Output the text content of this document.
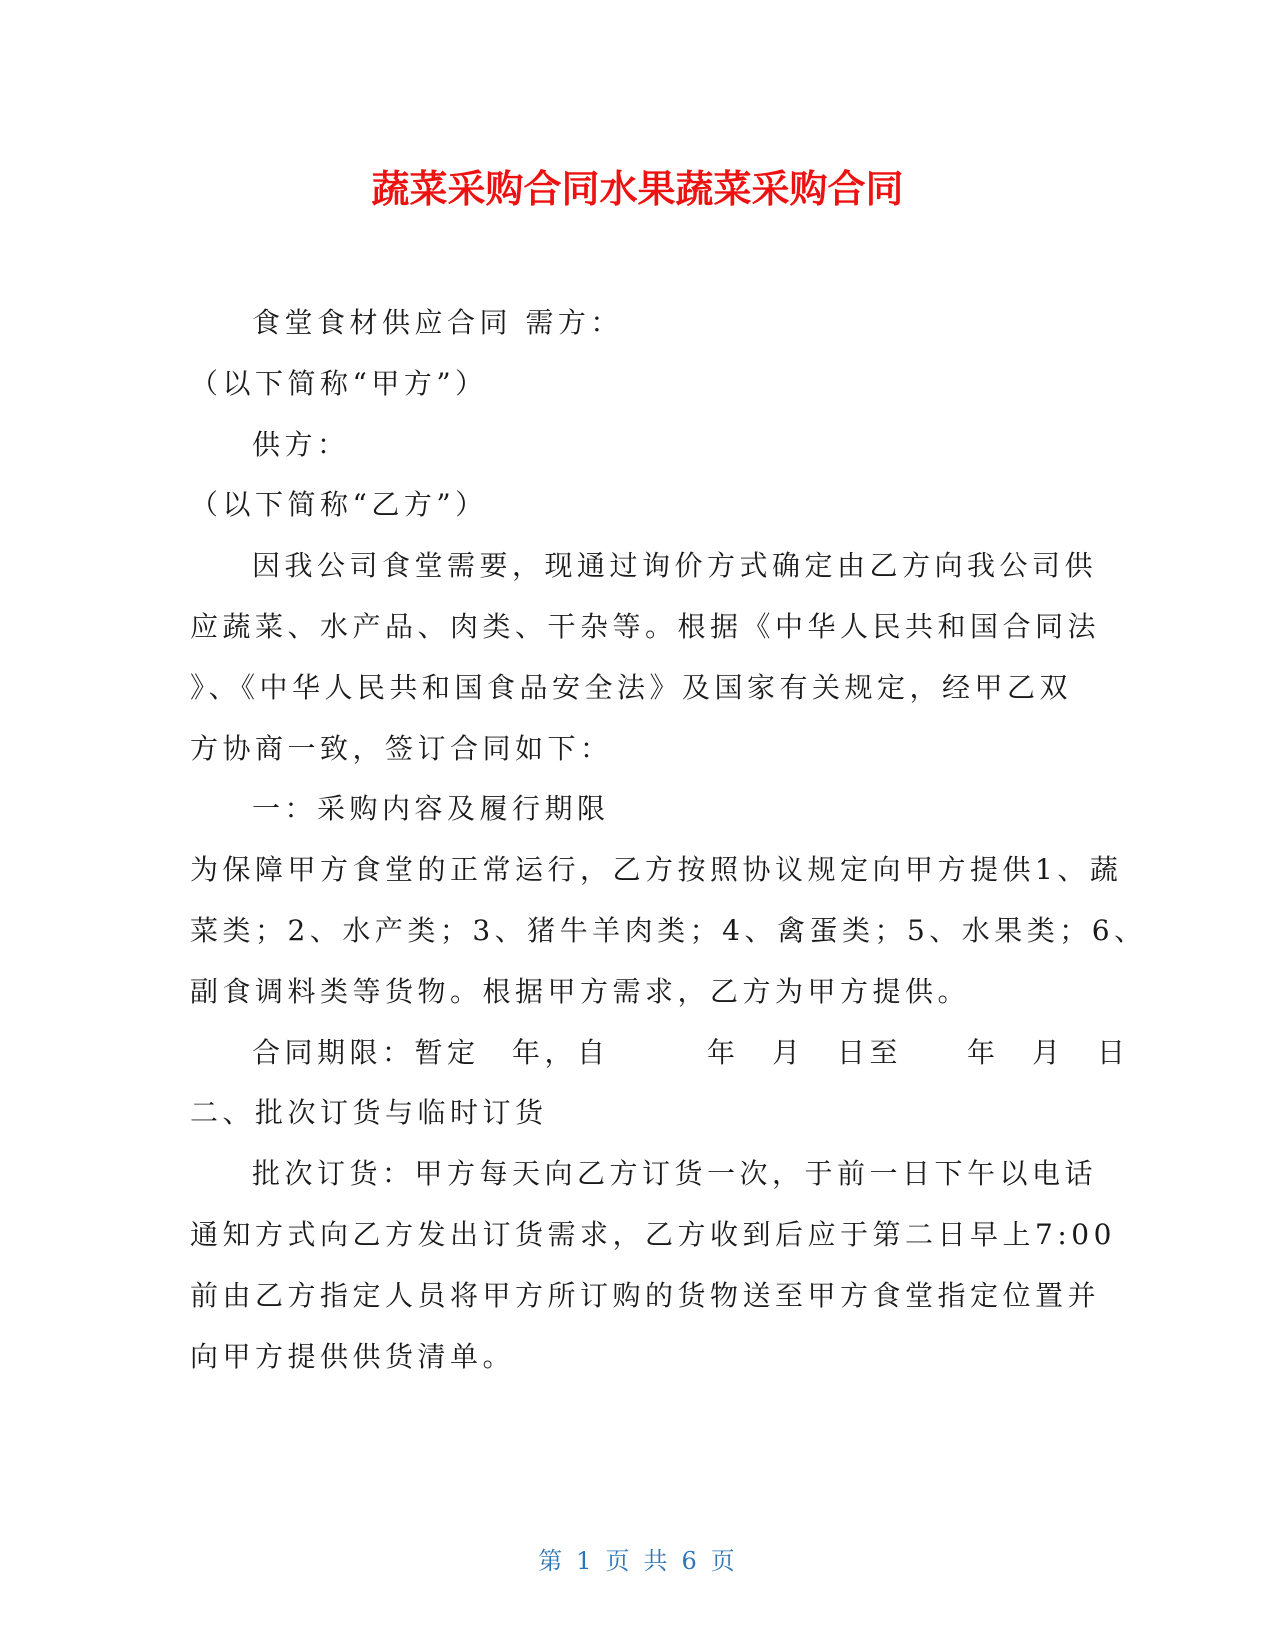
蔬菜采购合同水果蔬菜采购合同
食堂食材供应合同 需方：
（以下简称“甲方”）
供方：
（以下简称“乙方”）
因我公司食堂需要，现通过询价方式确定由乙方向我公司供
应蔬菜、水产品、肉类、干杂等。根据《中华人民共和国合同法
》、《中华人民共和国食品安全法》及国家有关规定，经甲乙双
方协商一致，签订合同如下：
一：采购内容及履行期限
为保障甲方食堂的正常运行，乙方按照协议规定向甲方提供1、蔬
菜类；2、水产类；3、猪牛羊肉类；4、禽蛋类；5、水果类；6、
副食调料类等货物。根据甲方需求，乙方为甲方提供。
合同期限：暂定　年，自　　　年　月　日至　　年　月　日
二、批次订货与临时订货
批次订货：甲方每天向乙方订货一次，于前一日下午以电话
通知方式向乙方发出订货需求，乙方收到后应于第二日早上7:00
前由乙方指定人员将甲方所订购的货物送至甲方食堂指定位置并
向甲方提供供货清单。
第 1 页 共 6 页
